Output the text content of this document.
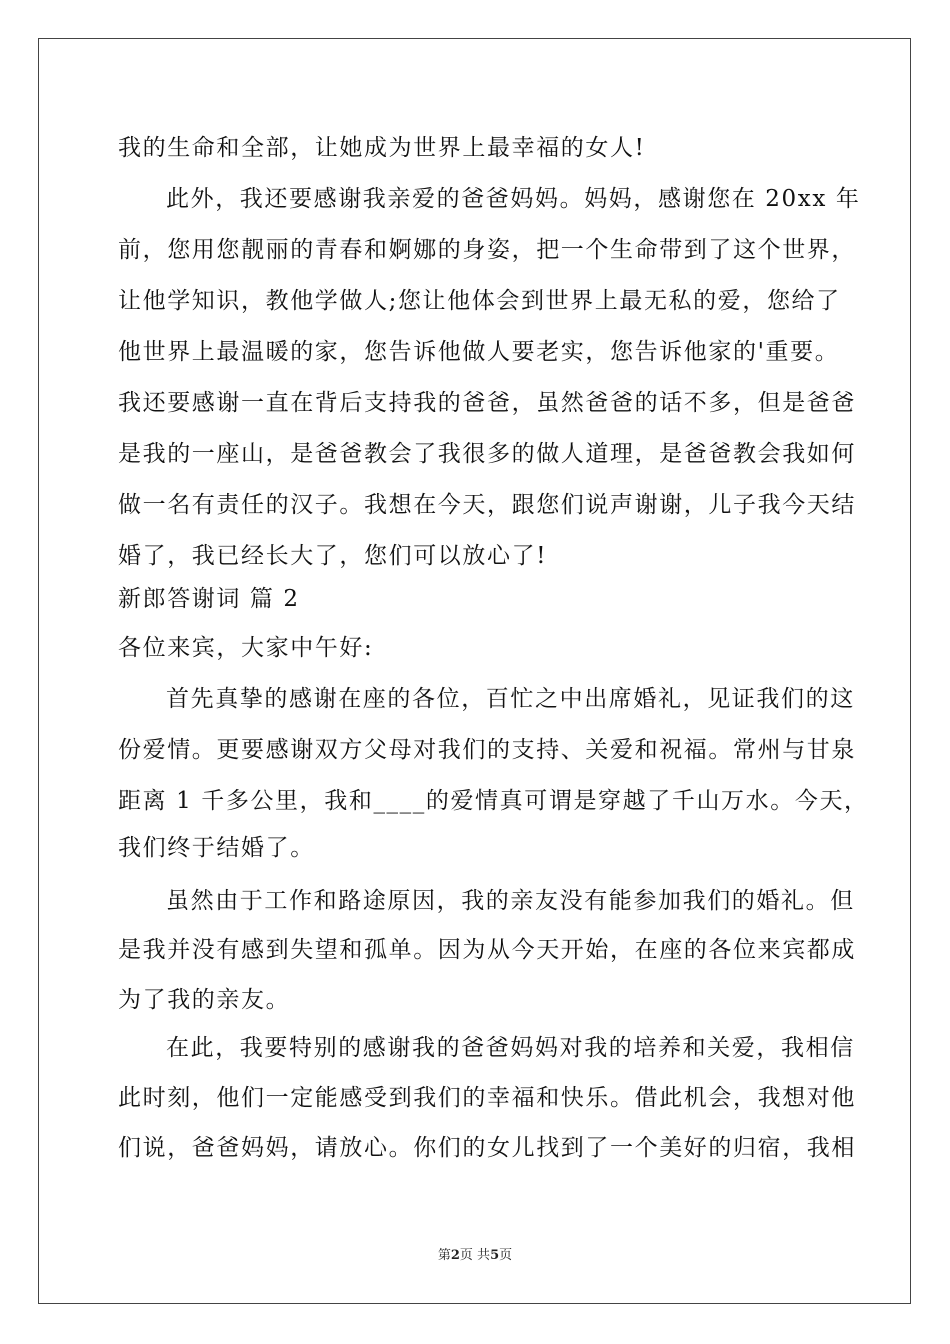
我的生命和全部，让她成为世界上最幸福的女人!
此外，我还要感谢我亲爱的爸爸妈妈。妈妈，感谢您在 20xx 年
前，您用您靓丽的青春和婀娜的身姿，把一个生命带到了这个世界，
让他学知识，教他学做人;您让他体会到世界上最无私的爱，您给了
他世界上最温暖的家，您告诉他做人要老实，您告诉他家的'重要。
我还要感谢一直在背后支持我的爸爸，虽然爸爸的话不多，但是爸爸
是我的一座山，是爸爸教会了我很多的做人道理，是爸爸教会我如何
做一名有责任的汉子。我想在今天，跟您们说声谢谢，儿子我今天结
婚了，我已经长大了，您们可以放心了!
新郎答谢词 篇 2
各位来宾，大家中午好:
首先真挚的感谢在座的各位，百忙之中出席婚礼，见证我们的这
份爱情。更要感谢双方父母对我们的支持、关爱和祝福。常州与甘泉
距离 1 千多公里，我和____的爱情真可谓是穿越了千山万水。今天，
我们终于结婚了。
虽然由于工作和路途原因，我的亲友没有能参加我们的婚礼。但
是我并没有感到失望和孤单。因为从今天开始，在座的各位来宾都成
为了我的亲友。
在此，我要特别的感谢我的爸爸妈妈对我的培养和关爱，我相信
此时刻，他们一定能感受到我们的幸福和快乐。借此机会，我想对他
们说，爸爸妈妈，请放心。你们的女儿找到了一个美好的归宿，我相
第2页 共5页
